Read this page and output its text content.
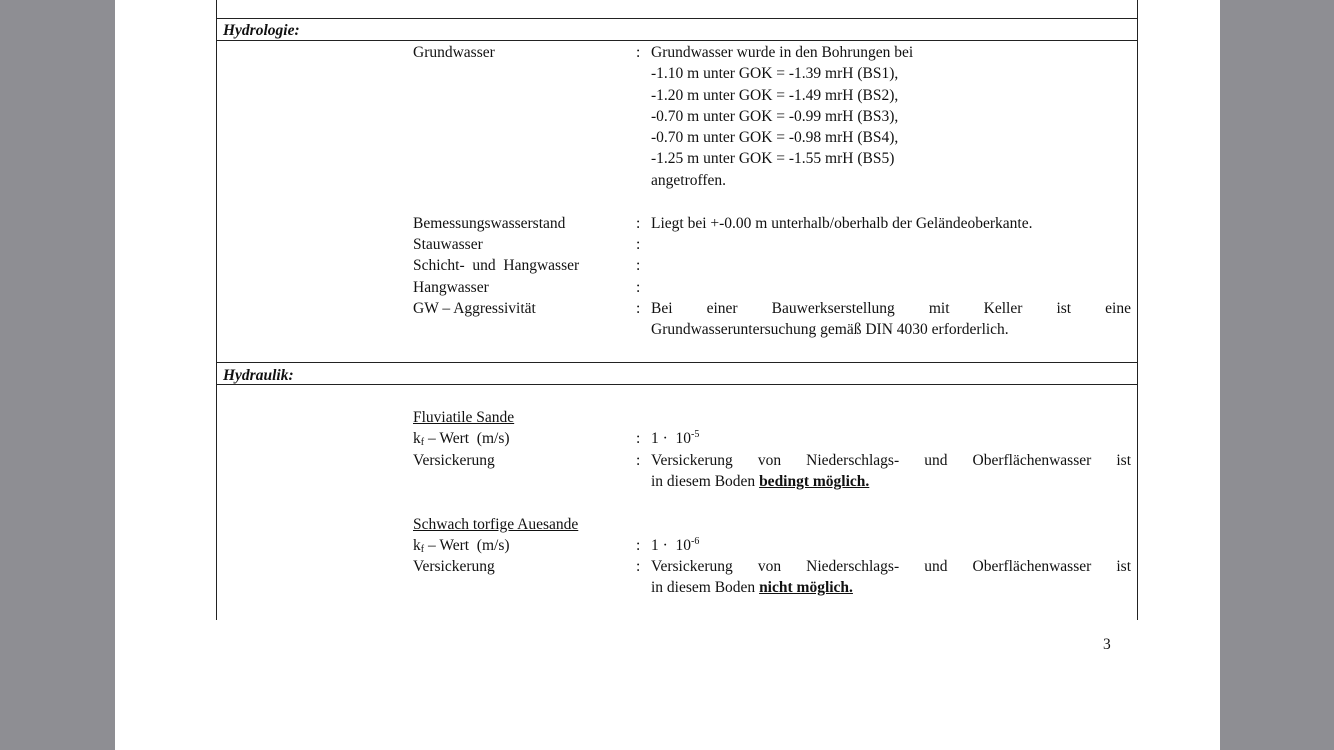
Hydrologie:
Grundwasser	: Grundwasser wurde in den Bohrungen bei
-1.10 m unter GOK = -1.39 mrH (BS1),
-1.20 m unter GOK = -1.49 mrH (BS2),
-0.70 m unter GOK = -0.99 mrH (BS3),
-0.70 m unter GOK = -0.98 mrH (BS4),
-1.25 m unter GOK = -1.55 mrH (BS5)
angetroffen.
Bemessungswasserstand	: Liegt bei +-0.00 m unterhalb/oberhalb der Geländeoberkante.
Stauwasser	:
Schicht-  und  Hangwasser	:
Hangwasser	:
GW – Aggressivität	: Bei einer Bauwerkserstellung mit Keller ist eine
Grundwasseruntersuchung gemäß DIN 4030 erforderlich.
Hydraulik:
Fluviatile Sande
$k_f$ – Wert  (m/s)	: $1 \cdot 10^{-5}$
Versickerung	: Versickerung von Niederschlags- und Oberflächenwasser ist
in diesem Boden bedingt möglich.
Schwach torfige Auesande
$k_f$ – Wert  (m/s)	: $1 \cdot 10^{-6}$
Versickerung	: Versickerung von Niederschlags- und Oberflächenwasser ist
in diesem Boden nicht möglich.
3
